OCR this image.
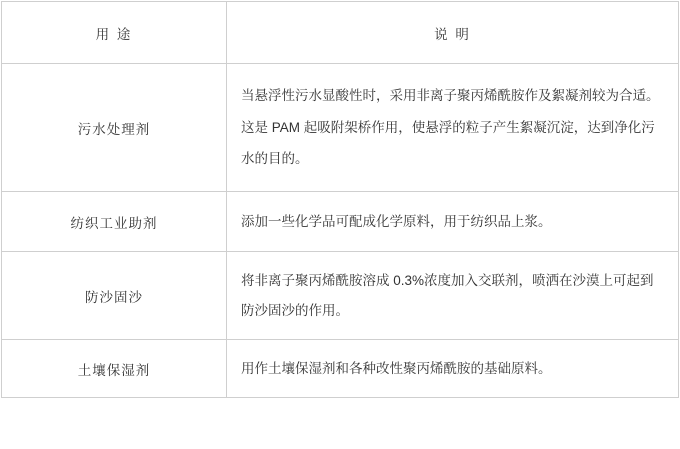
用 途	说 明
污水处理剂	当悬浮性污水显酸性时，采用非离子聚丙烯酰胺作及絮凝剂较为合适。这是 PAM 起吸附架桥作用，使悬浮的粒子产生絮凝沉淀，达到净化污水的目的。
纺织工业助剂	添加一些化学品可配成化学原料，用于纺织品上浆。
防沙固沙	将非离子聚丙烯酰胺溶成 0.3%浓度加入交联剂，喷洒在沙漠上可起到防沙固沙的作用。
土壤保湿剂	用作土壤保湿剂和各种改性聚丙烯酰胺的基础原料。
